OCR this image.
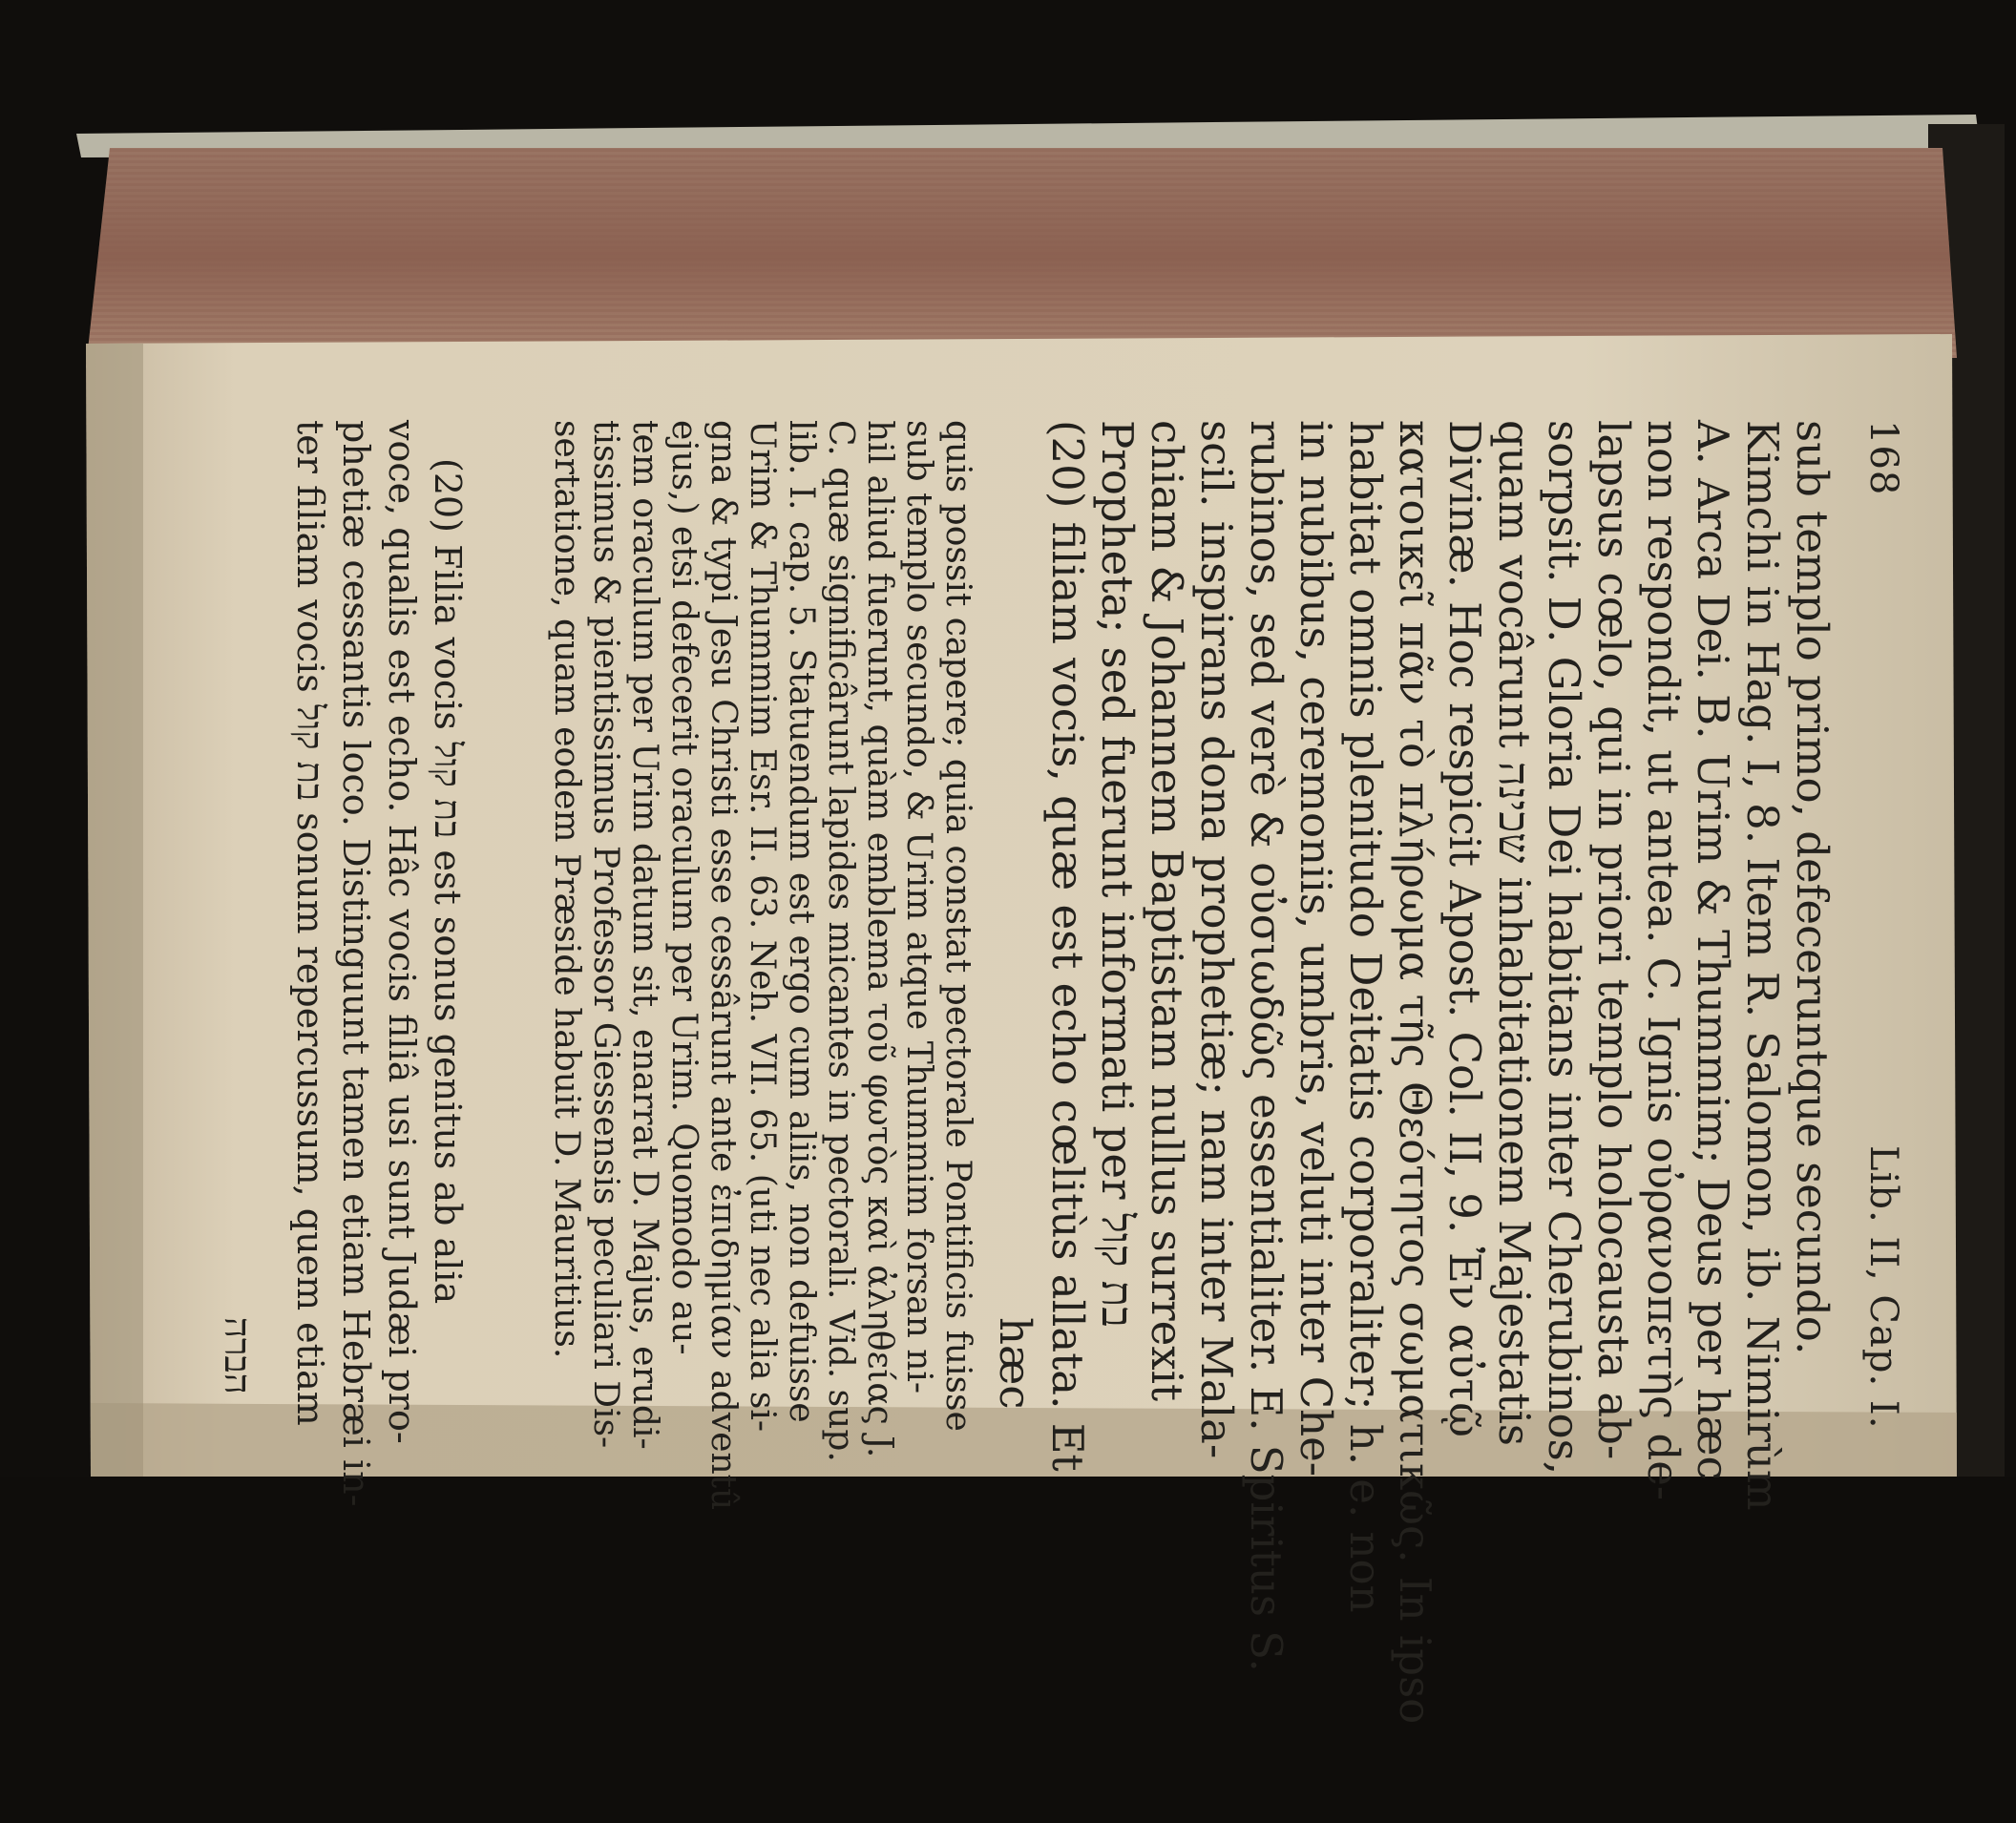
168
Lib. II, Cap. I.
sub templo primo, defeceruntque secundo.
Kimchi in Hag. I, 8. Item R. Salomon, ib. Nimirùm
A. Arca Dei. B. Urim & Thummim; Deus per hæc
non respondit, ut antea. C. Ignis οὐρανοπετὴς de-
lapsus cœlo, qui in priori templo holocausta ab-
sorpsit. D. Gloria Dei habitans inter Cherubinos,
quam vocârunt שכינה inhabitationem Majestatis
Divinæ. Hoc respicit Apost. Col. II, 9. Ἐν αὐτῷ
κατοικεῖ πᾶν τὸ πλήρωμα τῆς Θεότητος σωματικῶς. In ipso
habitat omnis plenitudo Deitatis corporaliter; h. e. non
in nubibus, ceremoniis, umbris, veluti inter Che-
rubinos, sed verè & οὐσιωδῶς essentialiter. E. Spiritus S.
scil. inspirans dona prophetiæ; nam inter Mala-
chiam & Johannem Baptistam nullus surrexit
Propheta; sed fuerunt informati per בת קול
(20) filiam vocis, quæ est echo cœlitùs allata. Et
hæc
quis possit capere; quia constat pectorale Pontificis fuisse
sub templo secundo, & Urim atque Thummim forsan ni-
hil aliud fuerunt, quàm emblema τοῦ φωτὸς καὶ ἀληθείας J.
C. quæ significârunt lapides micantes in pectorali. Vid. sup.
lib. I. cap. 5. Statuendum est ergo cum aliis, non defuisse
Urim & Thummim Esr. II. 63. Neh. VII. 65. (uti nec alia si-
gna & typi Jesu Christi esse cessârunt ante ἐπιδημίαν adventû
ejus,) etsi defecerit oraculum per Urim. Quomodo au-
tem oraculum per Urim datum sit, enarrat D. Majus, erudi-
tissimus & pientissimus Professor Giessensis peculiari Dis-
sertatione, quam eodem Præside habuit D. Mauritius.
(20) Filia vocis בת קול est sonus genitus ab alia
voce, qualis est echo. Hâc vocis filiâ usi sunt Judæi pro-
phetiæ cessantis loco. Distinguunt tamen etiam Hebræi in-
ter filiam vocis בת קול sonum repercussum, quem etiam
הברה
